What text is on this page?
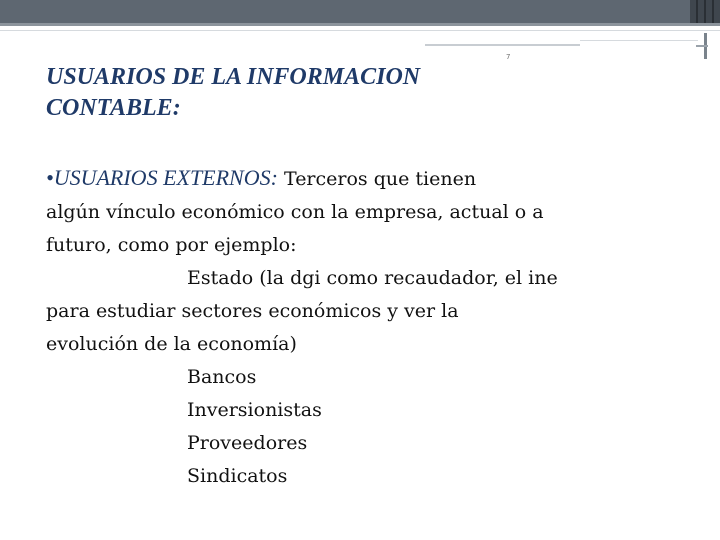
7
USUARIOS DE LA INFORMACION
CONTABLE:
•USUARIOS EXTERNOS: Terceros que tienen
algún vínculo económico con la empresa, actual o a
futuro, como por ejemplo:
Estado (la dgi como recaudador, el ine
para estudiar sectores económicos y ver la
evolución de la economía)
Bancos
Inversionistas
Proveedores
Sindicatos
